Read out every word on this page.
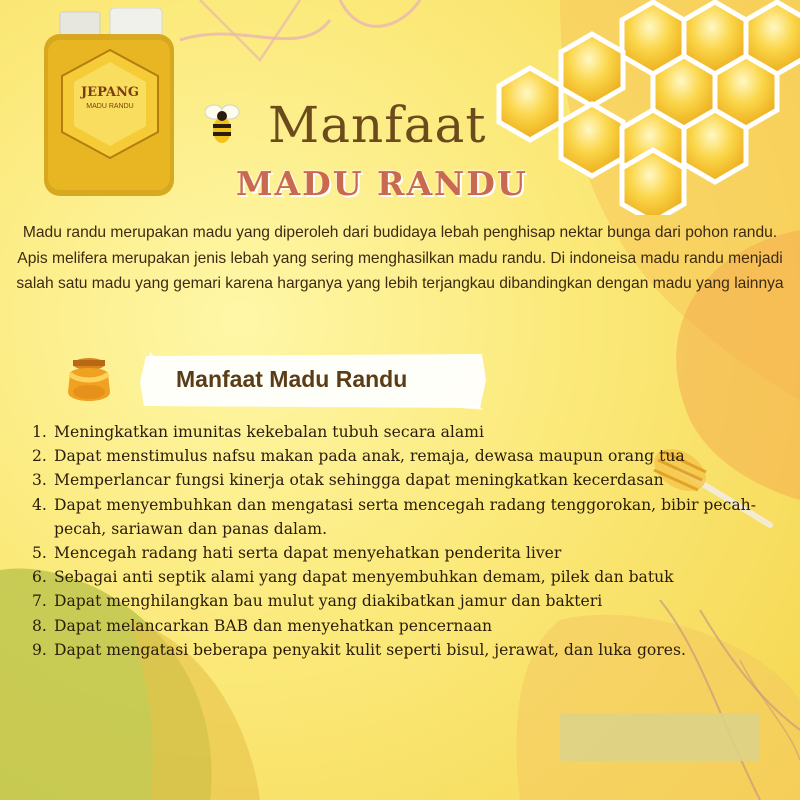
JEPANG
MADU RANDU	Manfaat
MADU RANDU
Madu randu merupakan madu yang diperoleh dari budidaya lebah penghisap nektar bunga dari pohon randu. Apis melifera merupakan jenis lebah yang sering menghasilkan madu randu. Di indoneisa madu randu menjadi salah satu madu yang gemari karena harganya yang lebih terjangkau dibandingkan dengan madu yang lainnya
Manfaat Madu Randu
1. Meningkatkan imunitas kekebalan tubuh secara alami
2. Dapat menstimulus nafsu makan pada anak, remaja, dewasa maupun orang tua
3. Memperlancar fungsi kinerja otak sehingga dapat meningkatkan kecerdasan
4. Dapat menyembuhkan dan mengatasi serta mencegah radang tenggorokan, bibir pecah-pecah, sariawan dan panas dalam.
5. Mencegah radang hati serta dapat menyehatkan penderita liver
6. Sebagai anti septik alami yang dapat menyembuhkan demam, pilek dan batuk
7. Dapat menghilangkan bau mulut yang diakibatkan jamur dan bakteri
8. Dapat melancarkan BAB dan menyehatkan pencernaan
9. Dapat mengatasi beberapa penyakit kulit seperti bisul, jerawat, dan luka gores.
